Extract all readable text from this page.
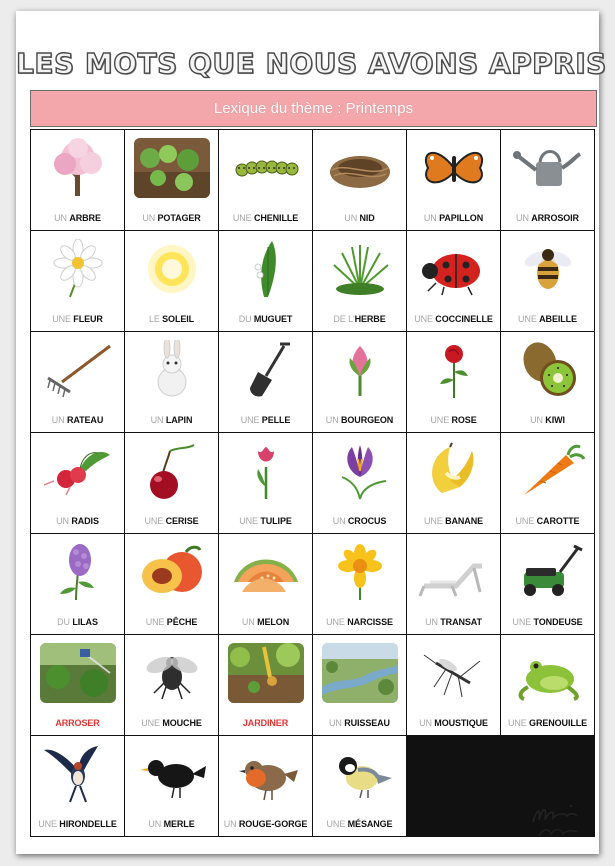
LES MOTS QUE NOUS AVONS APPRIS
Lexique du thème : Printemps
UN ARBRE	UN POTAGER	UNE CHENILLE	UN NID	UN PAPILLON	UN ARROSOIR
UNE FLEUR	LE SOLEIL	DU MUGUET	DE L'HERBE	UNE COCCINELLE	UNE ABEILLE
UN RATEAU	UN LAPIN	UNE PELLE	UN BOURGEON	UNE ROSE	UN KIWI
UN RADIS	UNE CERISE	UNE TULIPE	UN CROCUS	UNE BANANE	UNE CAROTTE
DU LILAS	UNE PÊCHE	UN MELON	UNE NARCISSE	UN TRANSAT	UNE TONDEUSE
ARROSER	UNE MOUCHE	JARDINER	UN RUISSEAU	UN MOUSTIQUE	UNE GRENOUILLE
UNE HIRONDELLE	UN MERLE	UN ROUGE-GORGE	UNE MÉSANGE
